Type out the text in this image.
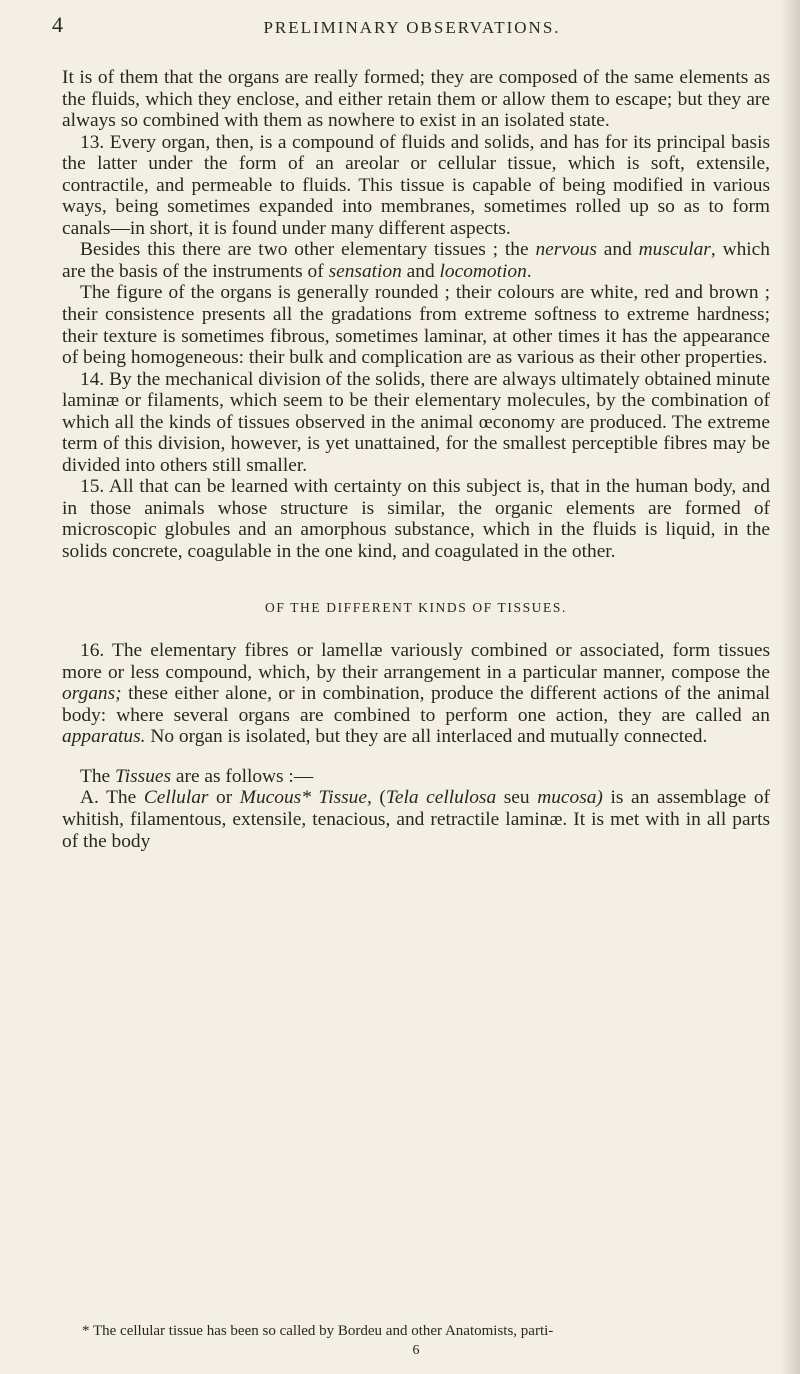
4	PRELIMINARY OBSERVATIONS.

It is of them that the organs are really formed; they are composed of the same elements as the fluids, which they enclose, and either retain them or allow them to escape; but they are always so combined with them as nowhere to exist in an isolated state.

13. Every organ, then, is a compound of fluids and solids, and has for its principal basis the latter under the form of an areolar or cellular tissue, which is soft, extensile, contractile, and permeable to fluids. This tissue is capable of being modified in various ways, being sometimes expanded into membranes, sometimes rolled up so as to form canals—in short, it is found under many different aspects.

Besides this there are two other elementary tissues ; the nervous and muscular, which are the basis of the instruments of sensation and locomotion.

The figure of the organs is generally rounded ; their colours are white, red and brown ; their consistence presents all the gradations from extreme softness to extreme hardness; their texture is sometimes fibrous, sometimes laminar, at other times it has the appearance of being homogeneous: their bulk and complication are as various as their other properties.

14. By the mechanical division of the solids, there are always ultimately obtained minute laminæ or filaments, which seem to be their elementary molecules, by the combination of which all the kinds of tissues observed in the animal œconomy are produced. The extreme term of this division, however, is yet unattained, for the smallest perceptible fibres may be divided into others still smaller.

15. All that can be learned with certainty on this subject is, that in the human body, and in those animals whose structure is similar, the organic elements are formed of microscopic globules and an amorphous substance, which in the fluids is liquid, in the solids concrete, coagulable in the one kind, and coagulated in the other.

OF THE DIFFERENT KINDS OF TISSUES.

16. The elementary fibres or lamellæ variously combined or associated, form tissues more or less compound, which, by their arrangement in a particular manner, compose the organs; these either alone, or in combination, produce the different actions of the animal body: where several organs are combined to perform one action, they are called an apparatus. No organ is isolated, but they are all interlaced and mutually connected.

The Tissues are as follows :—

A. The Cellular or Mucous* Tissue, (Tela cellulosa seu mucosa) is an assemblage of whitish, filamentous, extensile, tenacious, and retractile laminæ. It is met with in all parts of the body

* The cellular tissue has been so called by Bordeu and other Anatomists, parti-
6
